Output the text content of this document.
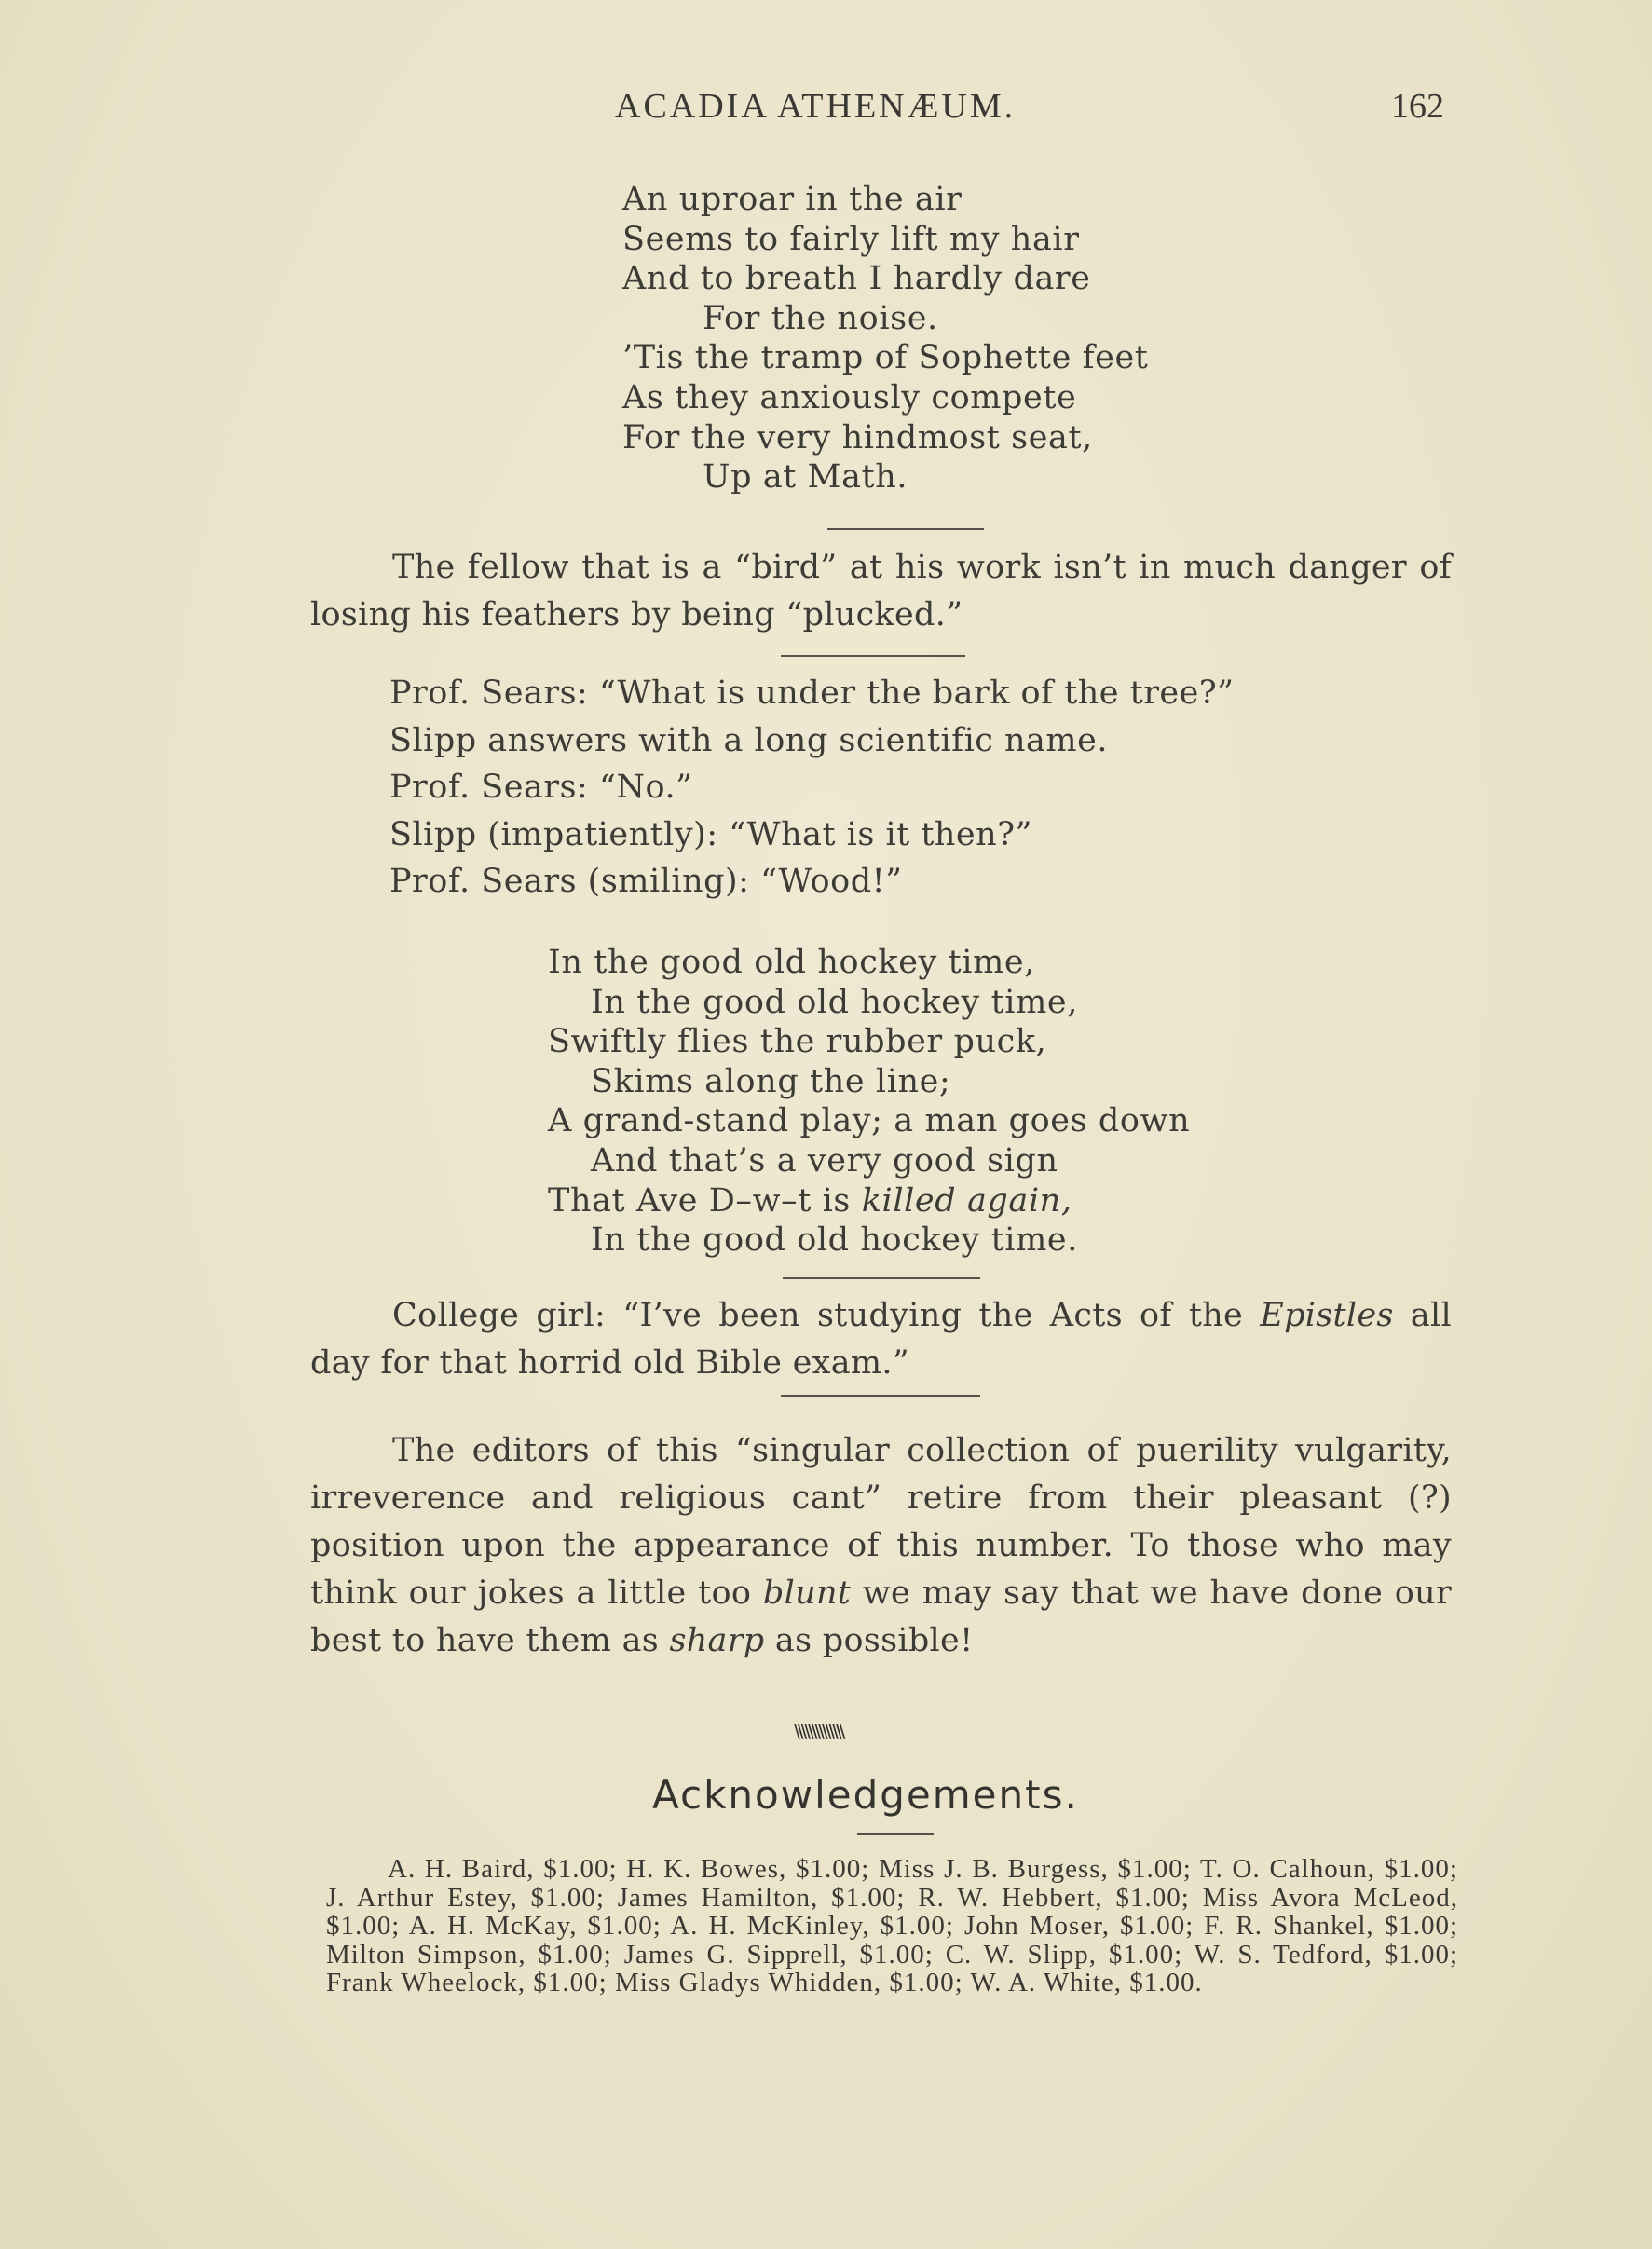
ACADIA ATHENÆUM.	162
An uproar in the air
Seems to fairly lift my hair
And to breath I hardly dare
For the noise.
’Tis the tramp of Sophette feet
As they anxiously compete
For the very hindmost seat,
Up at Math.
The fellow that is a “bird” at his work isn’t in much danger of losing his feathers by being “plucked.”
Prof. Sears: “What is under the bark of the tree?”
Slipp answers with a long scientific name.
Prof. Sears: “No.”
Slipp (impatiently): “What is it then?”
Prof. Sears (smiling): “Wood!”
In the good old hockey time,
In the good old hockey time,
Swiftly flies the rubber puck,
Skims along the line;
A grand-stand play; a man goes down
And that’s a very good sign
That Ave D–w–t is killed again,
In the good old hockey time.
College girl: “I’ve been studying the Acts of the Epistles all day for that horrid old Bible exam.”
The editors of this “singular collection of puerility vulgarity, irreverence and religious cant” retire from their pleasant (?) position upon the appearance of this number. To those who may think our jokes a little too blunt we may say that we have done our best to have them as sharp as possible!
\\\\\\\\\\\\\\
Acknowledgements.
A. H. Baird, $1.00; H. K. Bowes, $1.00; Miss J. B. Burgess, $1.00; T. O. Calhoun, $1.00; J. Arthur Estey, $1.00; James Hamilton, $1.00; R. W. Hebbert, $1.00; Miss Avora McLeod, $1.00; A. H. McKay, $1.00; A. H. McKinley, $1.00; John Moser, $1.00; F. R. Shankel, $1.00; Milton Simpson, $1.00; James G. Sipprell, $1.00; C. W. Slipp, $1.00; W. S. Tedford, $1.00; Frank Wheelock, $1.00; Miss Gladys Whidden, $1.00; W. A. White, $1.00.
